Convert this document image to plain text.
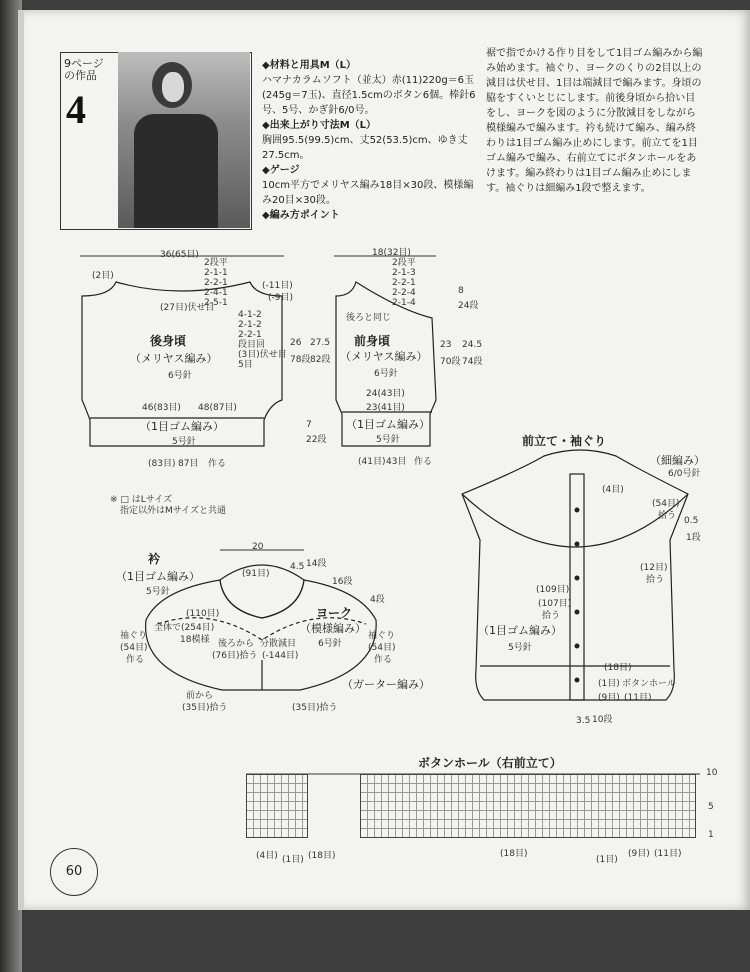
9ページ
の作品
4
◆材料と用具M（L）
ハマナカラムソフト（並太）赤(11)220g＝6玉(245g＝7玉)、直径1.5cmのボタン6個。棒針6号、5号、かぎ針6/0号。
◆出来上がり寸法M（L）
胸囲95.5(99.5)cm、丈52(53.5)cm、ゆき丈27.5cm。
◆ゲージ
10cm平方でメリヤス編み18目×30段、模様編み20目×30段。
◆編み方ポイント
裾で指でかける作り目をして1目ゴム編みから編み始めます。袖ぐり、ヨークのくりの2目以上の減目は伏せ目、1目は端減目で編みます。身頃の脇をすくいとじにします。前後身頃から拾い目をし、ヨークを図のように分散減目をしながら模様編みで編みます。衿も続けて編み、編み終わりは1目ゴム編み止めにします。前立てを1目ゴム編みで編み、右前立てにボタンホールをあけます。編み終わりは1目ゴム編み止めにします。袖ぐりは細編み1段で整えます。
36(65目)
(2目)
(27目)伏せ目
後身頃
（メリヤス編み）
6号針
46(83目) 48(87目)
（1目ゴム編み）
5号針
(83目) 87目 作る
26
78段
27.5
82段
7
22段
2段平
2-1-1
2-2-1
2-4-1
2-5-1
4-1-2
2-1-2
2-2-1
段目回
(3目)伏せ目
5目
18(32目)
(-11目)
(-9目)
後ろと同じ
前身頃
（メリヤス編み）
6号針
24(43目)
23(41目)
（1目ゴム編み）
5号針
(41目) 43目 作る
23
70段
24.5
74段
8
24段
2段平
2-1-3
2-2-1
2-2-4
2-1-4
※ □ はLサイズ
指定以外はMサイズと共通
衿
（1目ゴム編み）
5号針
20
(91目)
4.5 14段
16段
4段
ヨーク
（模様編み）
6号針
（ガーター編み）
(110目)
全体で(254目)
18模様 後ろから
(76目)拾う
分散減目
(-144目)
袖ぐり
(54目)
作る
袖ぐり
(54目)
作る
前から
(35目)拾う	(35目)拾う
前立て・袖ぐり
（細編み）
6/0号針
(4目)
(54目)
拾う 0.5
1段
(12目)
拾う
(109目)
(107目)
拾う
（1目ゴム編み）
5号針
(18目)
(1目) ボタンホール
(9目) (11目)
3.5 10段
ボタンホール（右前立て）
10
5
1
(4目) (1目) (18目)	(18目)
(1目)
(9目) (11目)
60
